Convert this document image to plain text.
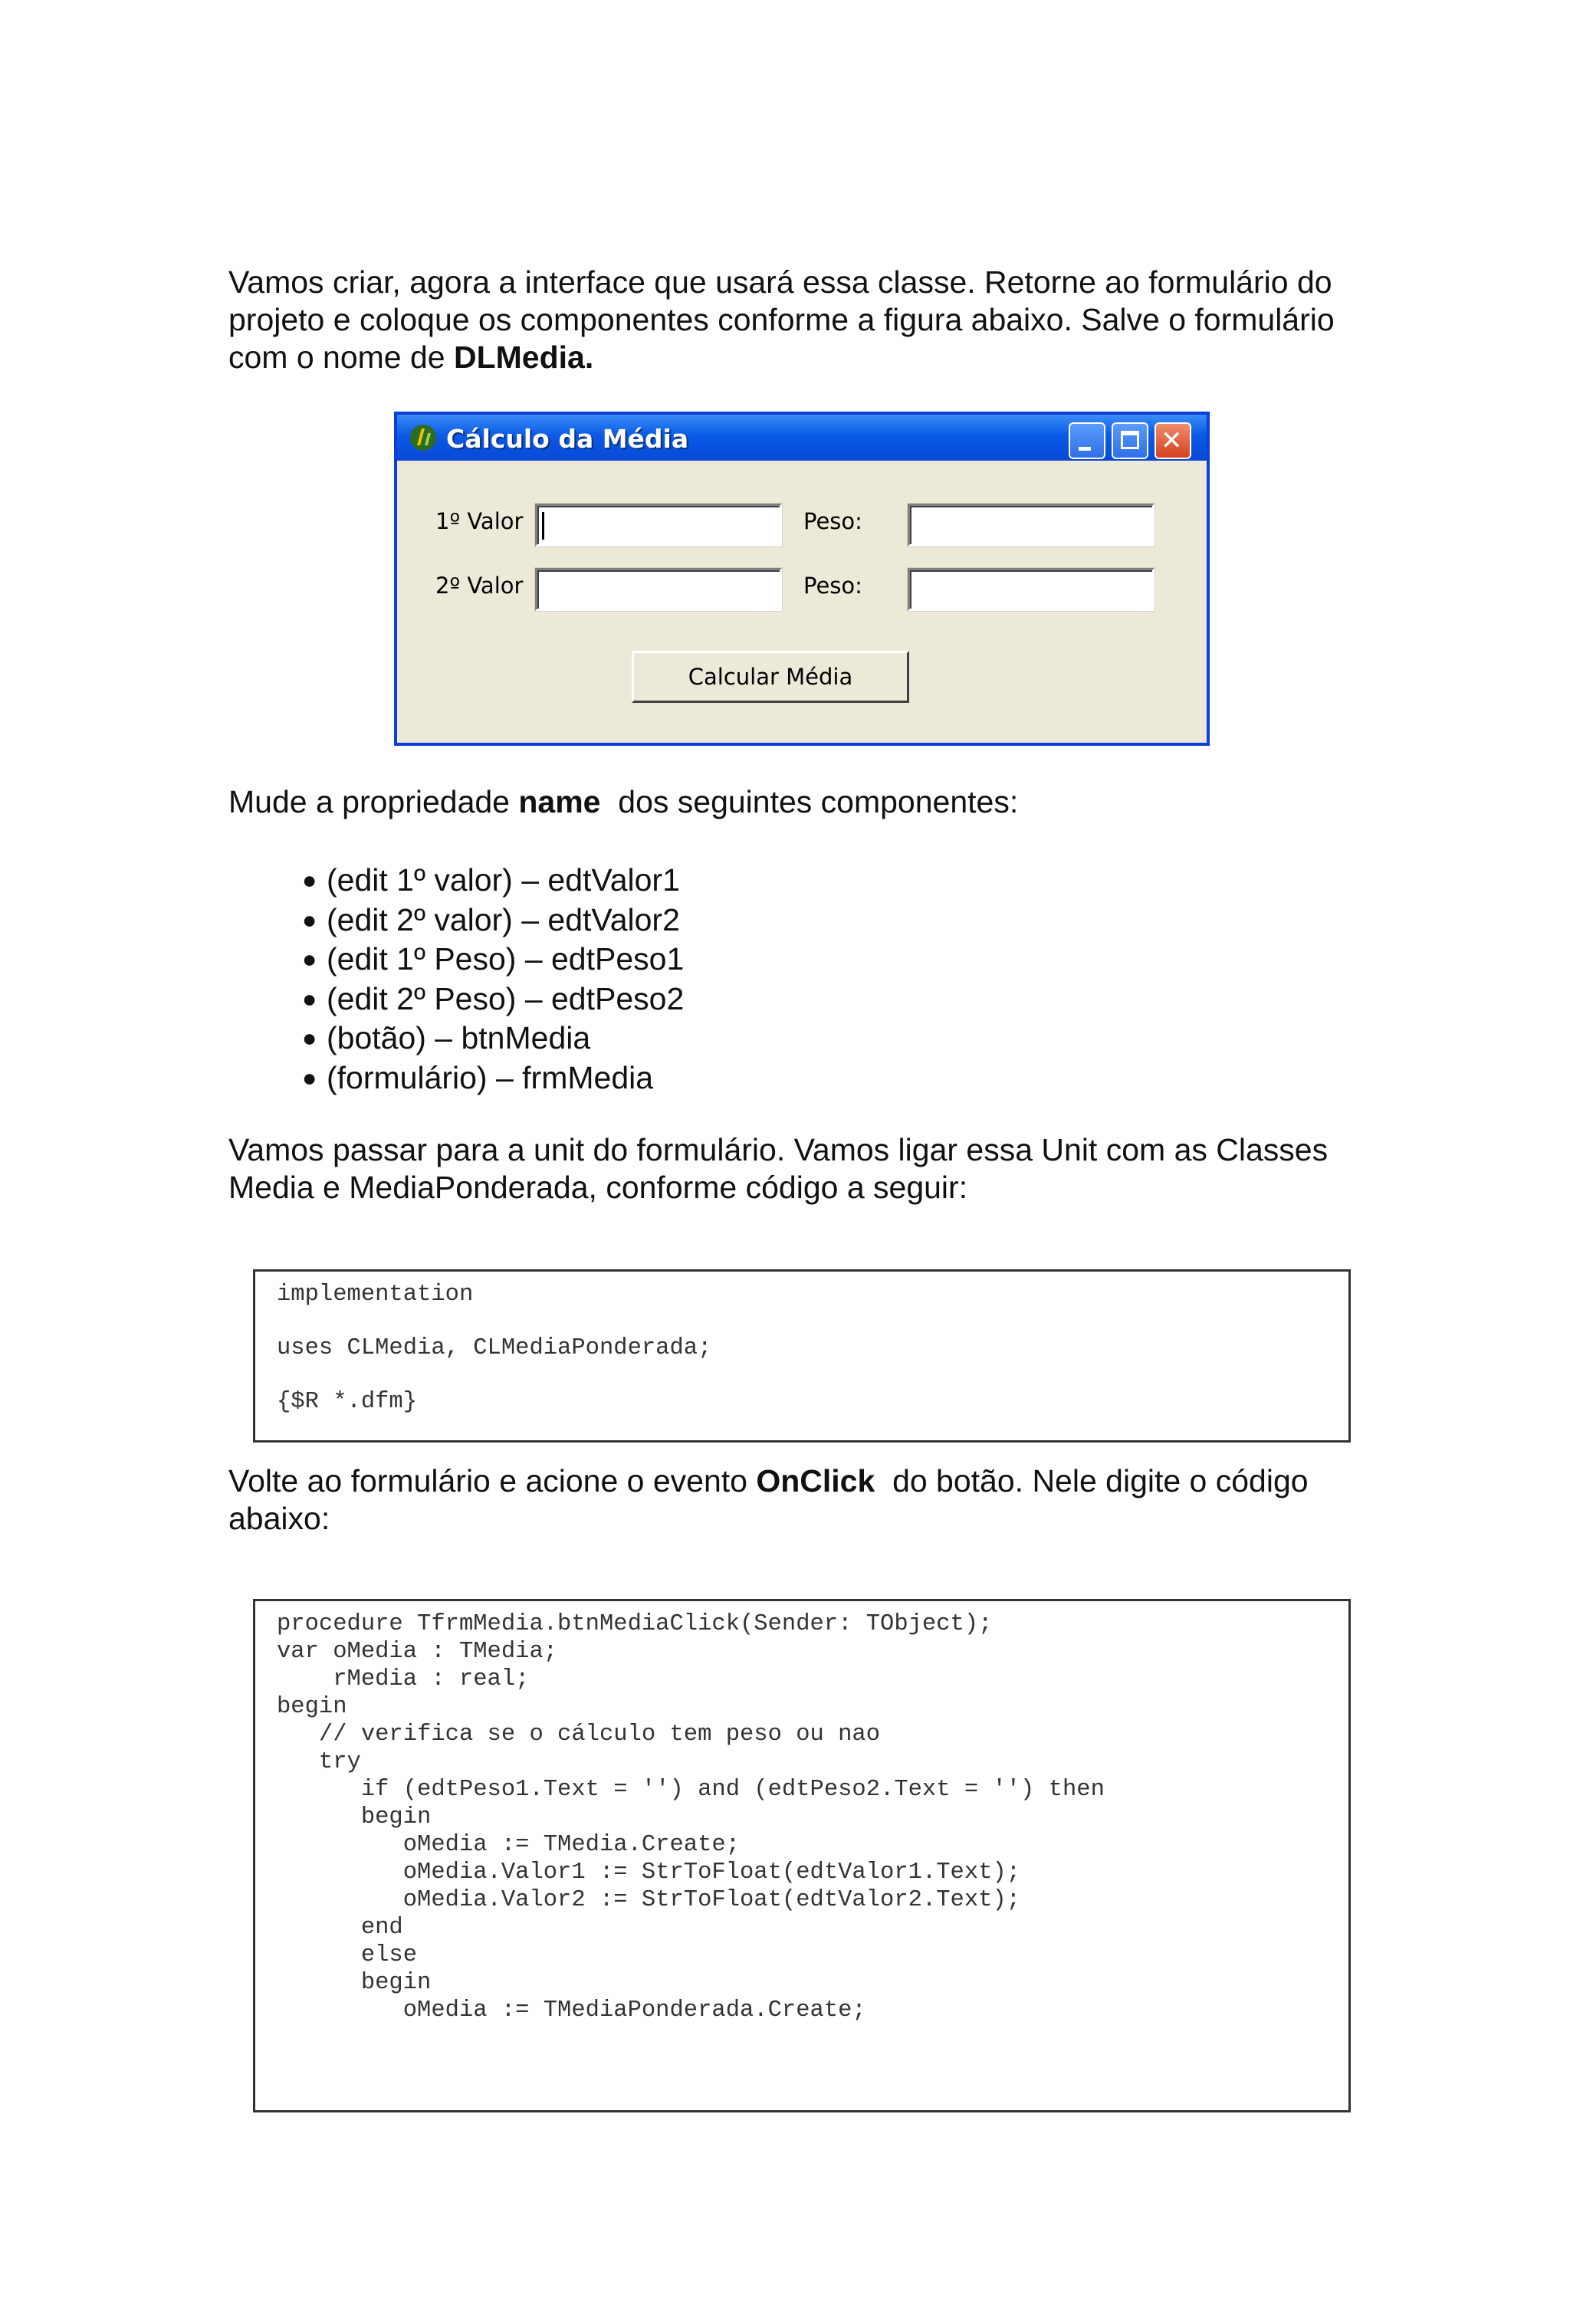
Vamos criar, agora a interface que usará essa classe. Retorne ao formulário do
projeto e coloque os componentes conforme a figura abaixo. Salve o formulário
com o nome de DLMedia.

Cálculo da Média	✕
1º Valor	Peso:
2º Valor	Peso:
Calcular Média

Mude a propriedade name  dos seguintes componentes:

● (edit 1º valor) – edtValor1
● (edit 2º valor) – edtValor2
● (edit 1º Peso) – edtPeso1
● (edit 2º Peso) – edtPeso2
● (botão) – btnMedia
● (formulário) – frmMedia

Vamos passar para a unit do formulário. Vamos ligar essa Unit com as Classes
Media e MediaPonderada, conforme código a seguir:

implementation
uses CLMedia, CLMediaPonderada;
{$R *.dfm}

Volte ao formulário e acione o evento OnClick  do botão. Nele digite o código
abaixo:

procedure TfrmMedia.btnMediaClick(Sender: TObject);
var oMedia : TMedia;
rMedia : real;
begin
// verifica se o cálculo tem peso ou nao
try
if (edtPeso1.Text = '') and (edtPeso2.Text = '') then
begin
oMedia := TMedia.Create;
oMedia.Valor1 := StrToFloat(edtValor1.Text);
oMedia.Valor2 := StrToFloat(edtValor2.Text);
end
else
begin
oMedia := TMediaPonderada.Create;
